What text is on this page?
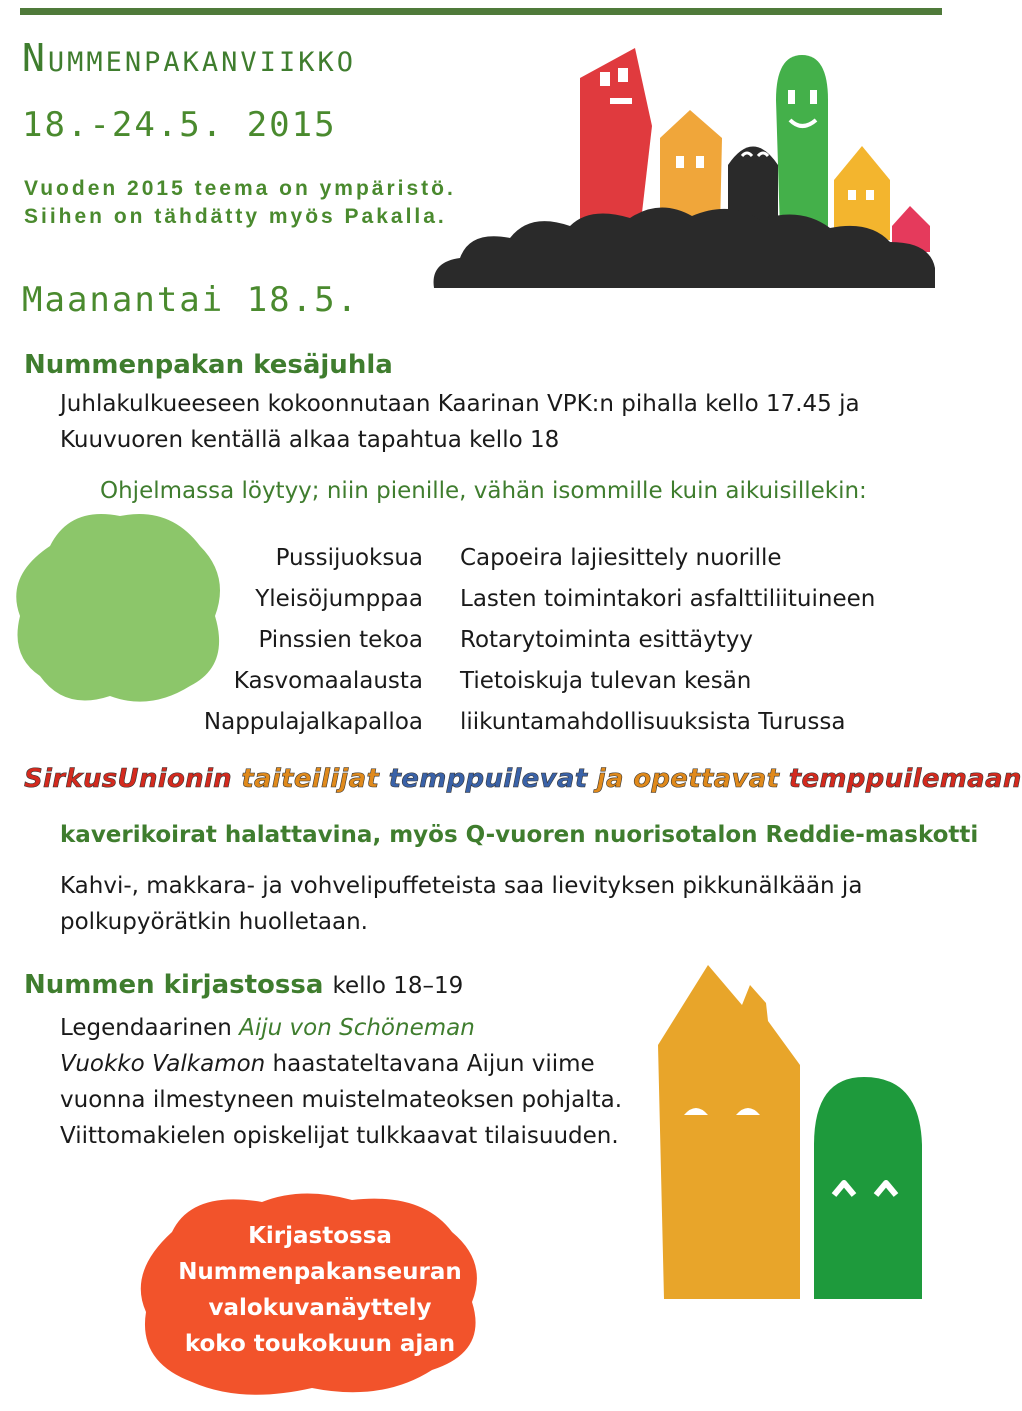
Nummenpakanviikko
18.-24.5. 2015
Vuoden 2015 teema on ympäristö.
Siihen on tähdätty myös Pakalla.
Maanantai 18.5.
Nummenpakan kesäjuhla
Juhlakulkueeseen kokoonnutaan Kaarinan VPK:n pihalla kello 17.45 ja
Kuuvuoren kentällä alkaa tapahtua kello 18
Ohjelmassa löytyy; niin pienille, vähän isommille kuin aikuisillekin:
Pussijuoksua
Yleisöjumppaa
Pinssien tekoa
Kasvomaalausta
Nappulajalkapalloa
Capoeira lajiesittely nuorille
Lasten toimintakori asfalttiliituineen
Rotarytoiminta esittäytyy
Tietoiskuja tulevan kesän
liikuntamahdollisuuksista Turussa
SirkusUnionin taiteilijat temppuilevat ja opettavat temppuilemaan
kaverikoirat halattavina, myös Q-vuoren nuorisotalon Reddie-maskotti
Kahvi-, makkara- ja vohvelipuffeteista saa lievityksen pikkunälkään ja
polkupyörätkin huolletaan.
Nummen kirjastossa kello 18–19
Legendaarinen Aiju von Schöneman
Vuokko Valkamon haastateltavana Aijun viime
vuonna ilmestyneen muistelmateoksen pohjalta.
Viittomakielen opiskelijat tulkkaavat tilaisuuden.
Kirjastossa
Nummenpakanseuran
valokuvanäyttely
koko toukokuun ajan
